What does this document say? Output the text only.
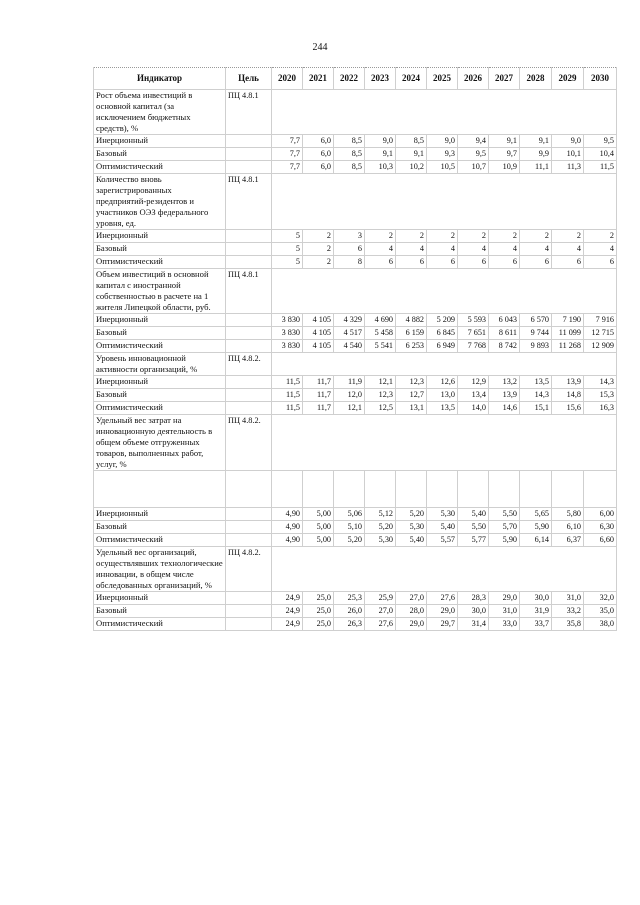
244
Индикатор	Цель	2020	2021	2022	2023	2024	2025	2026	2027	2028	2029	2030
Рост объема инвестиций в основной капитал (за исключением бюджетных средств), %	ПЦ 4.8.1											
Инерционный		7,7	6,0	8,5	9,0	8,5	9,0	9,4	9,1	9,1	9,0	9,5
Базовый		7,7	6,0	8,5	9,1	9,1	9,3	9,5	9,7	9,9	10,1	10,4
Оптимистический		7,7	6,0	8,5	10,3	10,2	10,5	10,7	10,9	11,1	11,3	11,5
Количество вновь зарегистрированных предприятий-резидентов и участников ОЭЗ федерального уровня, ед.	ПЦ 4.8.1											
Инерционный		5	2	3	2	2	2	2	2	2	2	2
Базовый		5	2	6	4	4	4	4	4	4	4	4
Оптимистический		5	2	8	6	6	6	6	6	6	6	6
Объем инвестиций в основной капитал с иностранной собственностью в расчете на 1 жителя Липецкой области, руб.	ПЦ 4.8.1											
Инерционный		3 830	4 105	4 329	4 690	4 882	5 209	5 593	6 043	6 570	7 190	7 916
Базовый		3 830	4 105	4 517	5 458	6 159	6 845	7 651	8 611	9 744	11 099	12 715
Оптимистический		3 830	4 105	4 540	5 541	6 253	6 949	7 768	8 742	9 893	11 268	12 909
Уровень инновационной активности организаций, %	ПЦ 4.8.2.											
Инерционный		11,5	11,7	11,9	12,1	12,3	12,6	12,9	13,2	13,5	13,9	14,3
Базовый		11,5	11,7	12,0	12,3	12,7	13,0	13,4	13,9	14,3	14,8	15,3
Оптимистический		11,5	11,7	12,1	12,5	13,1	13,5	14,0	14,6	15,1	15,6	16,3
Удельный вес затрат на инновационную деятельность в общем объеме отгруженных товаров, выполненных работ, услуг, %	ПЦ 4.8.2.											

Инерционный		4,90	5,00	5,06	5,12	5,20	5,30	5,40	5,50	5,65	5,80	6,00
Базовый		4,90	5,00	5,10	5,20	5,30	5,40	5,50	5,70	5,90	6,10	6,30
Оптимистический		4,90	5,00	5,20	5,30	5,40	5,57	5,77	5,90	6,14	6,37	6,60
Удельный вес организаций, осуществлявших технологические инновации, в общем числе обследованных организаций, %	ПЦ 4.8.2.											
Инерционный		24,9	25,0	25,3	25,9	27,0	27,6	28,3	29,0	30,0	31,0	32,0
Базовый		24,9	25,0	26,0	27,0	28,0	29,0	30,0	31,0	31,9	33,2	35,0
Оптимистический		24,9	25,0	26,3	27,6	29,0	29,7	31,4	33,0	33,7	35,8	38,0
